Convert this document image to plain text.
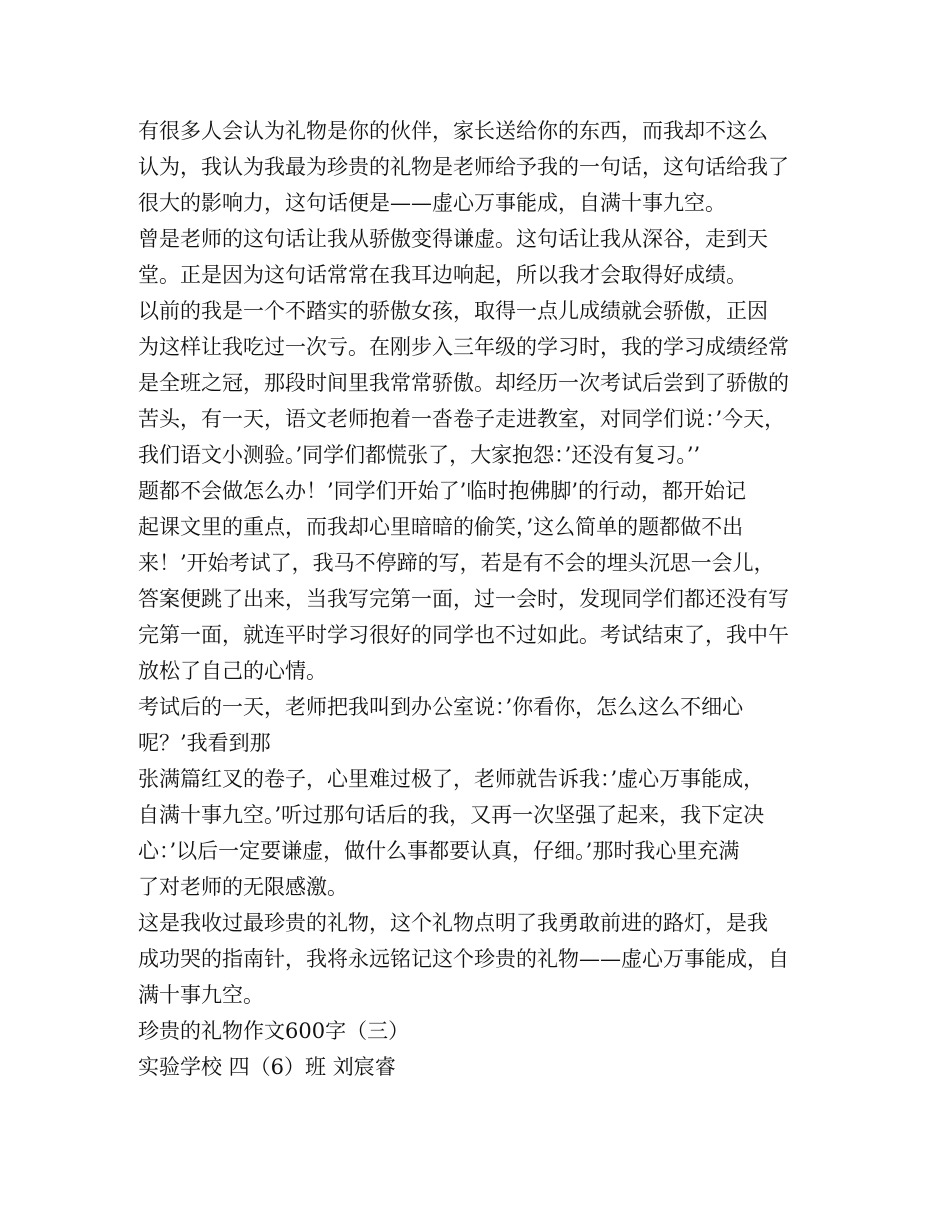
有很多人会认为礼物是你的伙伴，家长送给你的东西，而我却不这么
认为，我认为我最为珍贵的礼物是老师给予我的一句话，这句话给我了
很大的影响力，这句话便是——虚心万事能成，自满十事九空。
曾是老师的这句话让我从骄傲变得谦虚。这句话让我从深谷，走到天
堂。正是因为这句话常常在我耳边响起，所以我才会取得好成绩。
以前的我是一个不踏实的骄傲女孩，取得一点儿成绩就会骄傲，正因
为这样让我吃过一次亏。在刚步入三年级的学习时，我的学习成绩经常
是全班之冠，那段时间里我常常骄傲。却经历一次考试后尝到了骄傲的
苦头，有一天，语文老师抱着一沓卷子走进教室，对同学们说：’今天，
我们语文小测验。’同学们都慌张了，大家抱怨：’还没有复习。’’
题都不会做怎么办！’同学们开始了’临时抱佛脚’的行动，都开始记
起课文里的重点，而我却心里暗暗的偷笑，’这么简单的题都做不出
来！’开始考试了，我马不停蹄的写，若是有不会的埋头沉思一会儿，
答案便跳了出来，当我写完第一面，过一会时，发现同学们都还没有写
完第一面，就连平时学习很好的同学也不过如此。考试结束了，我中午
放松了自己的心情。
考试后的一天，老师把我叫到办公室说：’你看你，怎么这么不细心
呢？’我看到那
张满篇红叉的卷子，心里难过极了，老师就告诉我：’虚心万事能成，
自满十事九空。’听过那句话后的我，又再一次坚强了起来，我下定决
心：’以后一定要谦虚，做什么事都要认真，仔细。’那时我心里充满
了对老师的无限感激。
这是我收过最珍贵的礼物，这个礼物点明了我勇敢前进的路灯，是我
成功哭的指南针，我将永远铭记这个珍贵的礼物——虚心万事能成，自
满十事九空。
珍贵的礼物作文600字（三）
实验学校 四（6）班 刘宸睿
